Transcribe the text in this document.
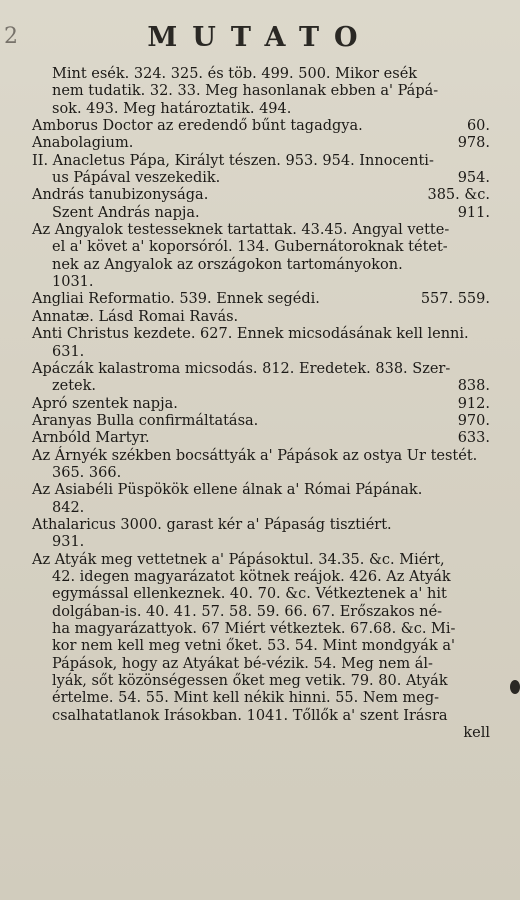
2	MUTATO
Mint esék. 324. 325. és töb. 499. 500. Mikor esék
nem tudatik. 32. 33. Meg hasonlanak ebben a' Pápá-
sok. 493. Meg határoztatik. 494.
Amborus Doctor az eredendő bűnt tagadgya.	60.
Anabolagium.	978.
II. Anacletus Pápa, Királyt tészen. 953. 954. Innocenti-
us Pápával veszekedik.	954.
András tanubizonysága.	385. &c.
Szent András napja.	911.
Az Angyalok testesseknek tartattak. 43.45. Angyal vette-
el a' követ a' koporsóról. 134. Gubernátoroknak tétet-
nek az Angyalok az országokon tartományokon.
1031.
Angliai Reformatio. 539. Ennek segédi.	557. 559.
Annatæ. Lásd Romai Ravás.
Anti Christus kezdete. 627. Ennek micsodásának kell lenni.
631.
Apáczák kalastroma micsodás. 812. Eredetek. 838. Szer-
zetek.	838.
Apró szentek napja.	912.
Aranyas Bulla confirmáltatása.	970.
Arnbóld Martyr.	633.
Az Árnyék székben bocsáttyák a' Pápások az ostya Ur testét.
365. 366.
Az Asiabéli Püspökök ellene álnak a' Római Pápának.
842.
Athalaricus 3000. garast kér a' Pápaság tisztiért.
931.
Az Atyák meg vettetnek a' Pápásoktul. 34.35. &c. Miért,
42. idegen magyarázatot kötnek reájok. 426. Az Atyák
egymással ellenkeznek. 40. 70. &c. Vétkeztenek a' hit
dolgában-is. 40. 41. 57. 58. 59. 66. 67. Erőszakos né-
ha magyarázattyok. 67 Miért vétkeztek. 67.68. &c. Mi-
kor nem kell meg vetni őket. 53. 54. Mint mondgyák a'
Pápások, hogy az Atyákat bé-vézik. 54. Meg nem ál-
lyák, sőt közönségessen őket meg vetik. 79. 80. Atyák
értelme. 54. 55. Mint kell nékik hinni. 55. Nem meg-
csalhatatlanok Irásokban. 1041. Tőllők a' szent Irásra
kell
